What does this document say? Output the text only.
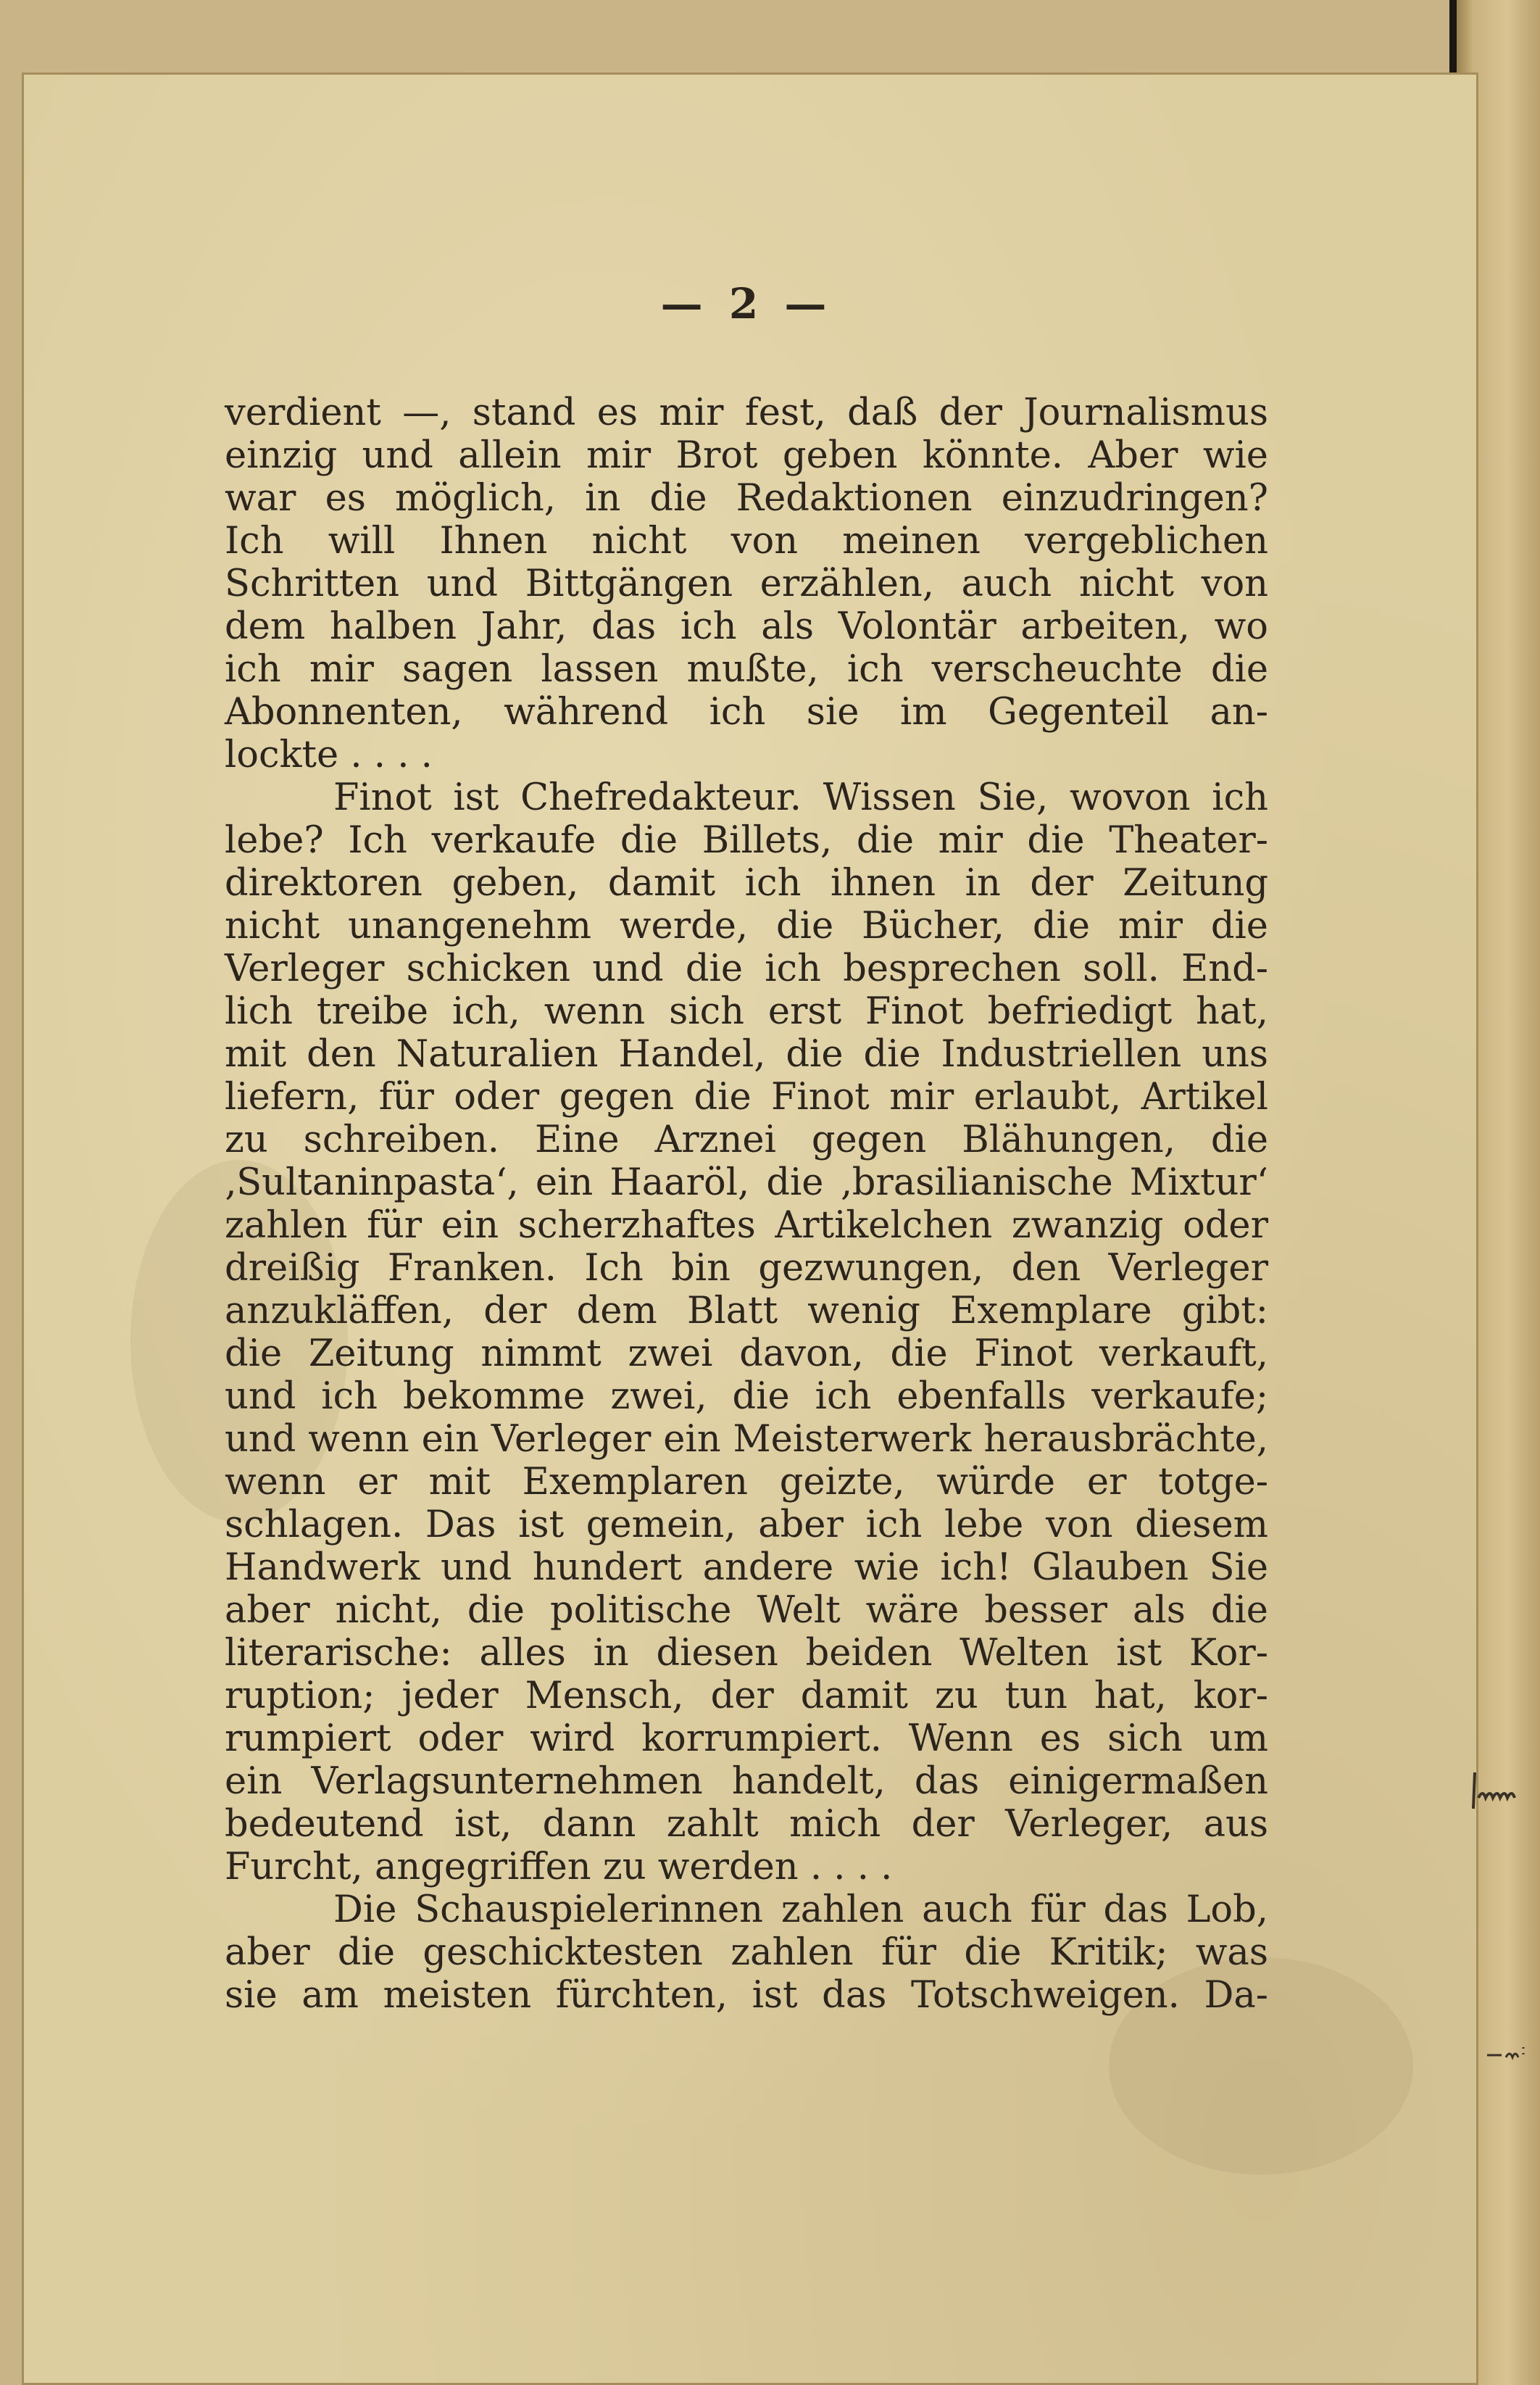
— 2 —
verdient —, stand es mir fest, daß der Journalismus
einzig und allein mir Brot geben könnte. Aber wie
war es möglich, in die Redaktionen einzudringen?
Ich will Ihnen nicht von meinen vergeblichen
Schritten und Bittgängen erzählen, auch nicht von
dem halben Jahr, das ich als Volontär arbeiten, wo
ich mir sagen lassen mußte, ich verscheuchte die
Abonnenten, während ich sie im Gegenteil an-
lockte . . . .
Finot ist Chefredakteur. Wissen Sie, wovon ich
lebe? Ich verkaufe die Billets, die mir die Theater-
direktoren geben, damit ich ihnen in der Zeitung
nicht unangenehm werde, die Bücher, die mir die
Verleger schicken und die ich besprechen soll. End-
lich treibe ich, wenn sich erst Finot befriedigt hat,
mit den Naturalien Handel, die die Industriellen uns
liefern, für oder gegen die Finot mir erlaubt, Artikel
zu schreiben. Eine Arznei gegen Blähungen, die
‚Sultaninpasta‘, ein Haaröl, die ‚brasilianische Mixtur‘
zahlen für ein scherzhaftes Artikelchen zwanzig oder
dreißig Franken. Ich bin gezwungen, den Verleger
anzukläffen, der dem Blatt wenig Exemplare gibt:
die Zeitung nimmt zwei davon, die Finot verkauft,
und ich bekomme zwei, die ich ebenfalls verkaufe;
und wenn ein Verleger ein Meisterwerk herausbrächte,
wenn er mit Exemplaren geizte, würde er totge-
schlagen. Das ist gemein, aber ich lebe von diesem
Handwerk und hundert andere wie ich! Glauben Sie
aber nicht, die politische Welt wäre besser als die
literarische: alles in diesen beiden Welten ist Kor-
ruption; jeder Mensch, der damit zu tun hat, kor-
rumpiert oder wird korrumpiert. Wenn es sich um
ein Verlagsunternehmen handelt, das einigermaßen
bedeutend ist, dann zahlt mich der Verleger, aus
Furcht, angegriffen zu werden . . . .
Die Schauspielerinnen zahlen auch für das Lob,
aber die geschicktesten zahlen für die Kritik; was
sie am meisten fürchten, ist das Totschweigen. Da-
